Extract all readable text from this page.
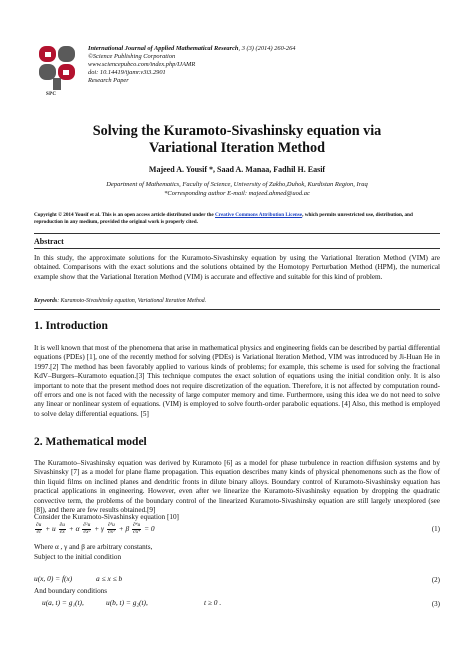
SPC
International Journal of Applied Mathematical Research, 3 (3) (2014) 260-264
©Science Publishing Corporation
www.sciencepubco.com/index.php/IJAMR
doi: 10.14419/ijamr.v3i3.2901
Research Paper
Solving the Kuramoto-Sivashinsky equation via
Variational Iteration Method
Majeed A. Yousif *, Saad A. Manaa, Fadhil H. Easif
Department of Mathematics, Faculty of Science, University of Zakho,Duhok, Kurdistan Region, Iraq
*Corresponding author E-mail: majeed.ahmed@uod.ac
Copyright © 2014 Yousif et al. This is an open access article distributed under the Creative Commons Attribution License, which permits unrestricted use, distribution, and reproduction in any medium, provided the original work is properly cited.
Abstract
In this study, the approximate solutions for the Kuramoto-Sivashinsky equation by using the Variational Iteration Method (VIM) are obtained. Comparisons with the exact solutions and the solutions obtained by the Homotopy Perturbation Method (HPM), the numerical example show that the Variational Iteration Method (VIM) is accurate and effective and suitable for this kind of problem.
Keywords: Kuramoto-Sivashinsky equation, Variational Iteration Method.
1. Introduction
It is well known that most of the phenomena that arise in mathematical physics and engineering fields can be described by partial differential equations (PDEs) [1], one of the recently method for solving (PDEs) is Variational Iteration Method, VIM was introduced by Ji-Huan He in 1997.[2] The method has been favorably applied to various kinds of problems; for example, this scheme is used for solving the fractional KdV–Burgers–Kuramoto equation.[3] This technique computes the exact solution of equations using the initial condition only. It is also important to note that the present method does not require discretization of the equation. Therefore, it is not affected by computation round-off errors and one is not faced with the necessity of large computer memory and time. Furthermore, using this idea we do not need to solve any linear or nonlinear system of equations. (VIM) is employed to solve fourth-order parabolic equations. [4] Also, this method is employed to solve delay differential equations. [5]
2. Mathematical model
The Kuramoto–Sivashinsky equation was derived by Kuramoto [6] as a model for phase turbulence in reaction diffusion systems and by Sivashinsky [7] as a model for plane flame propagation. This equation describes many kinds of physical phenomenons such as the flow of thin liquid films on inclined planes and dendritic fronts in dilute binary alloys. Boundary control of Kuramoto-Sivashinsky equation has practical applications in engineering. However, even after we linearize the Kuramoto-Sivashinsky equation by dropping the quadratic convective term, the problems of the boundary control of the linearized Kuramoto-Sivashinsky equation are still largely unexplored (see [8]), and there are few results obtained.[9]
Consider the Kuramoto-Sivashinsky equation [10]
$\frac{\partial u}{\partial t} + u \frac{\partial u}{\partial x} + \alpha \frac{\text{∂²u}}{\text{∂x²}} + \gamma \frac{\text{∂³u}}{\text{∂x³}} + \beta \frac{\text{∂⁴u}}{\text{∂x⁴}} = 0$	(1)
Where α , γ and β are arbitrary constants,
Subject to the initial condition
u(x, 0) = f(x)	a ≤ x ≤ b	(2)
And boundary conditions
u(a, t) = g₁(t),	u(b, t) = g₂(t),	t ≥ 0 .	(3)
